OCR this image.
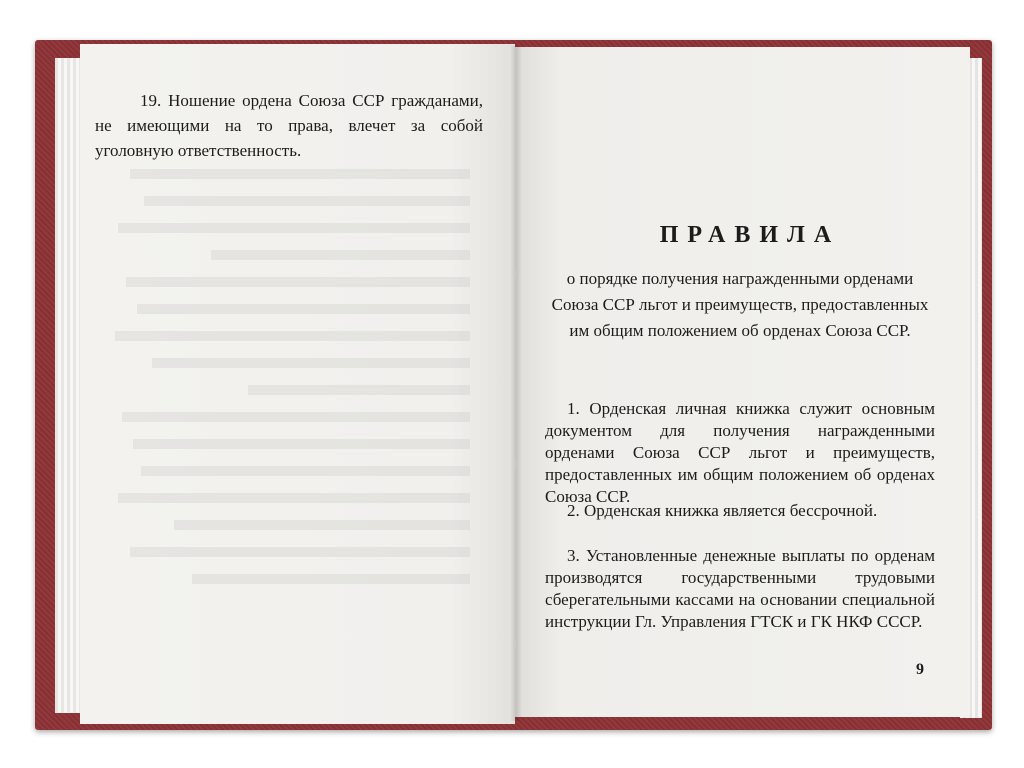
19. Ношение ордена Союза ССР гражданами, не имеющими на то права, влечет за собой уголовную ответственность.

ПРАВИЛА

о порядке получения награжденными орденами Союза ССР льгот и преимуществ, предоставленных им общим положением об орденах Союза ССР.

1. Орденская личная книжка служит основным документом для получения награжденными орденами Союза ССР льгот и преимуществ, предоставленных им общим положением об орденах Союза ССР.

2. Орденская книжка является бессрочной.

3. Установленные денежные выплаты по орденам производятся государственными трудовыми сберегательными кассами на основании специальной инструкции Гл. Управления ГТСК и ГК НКФ СССР.

9
